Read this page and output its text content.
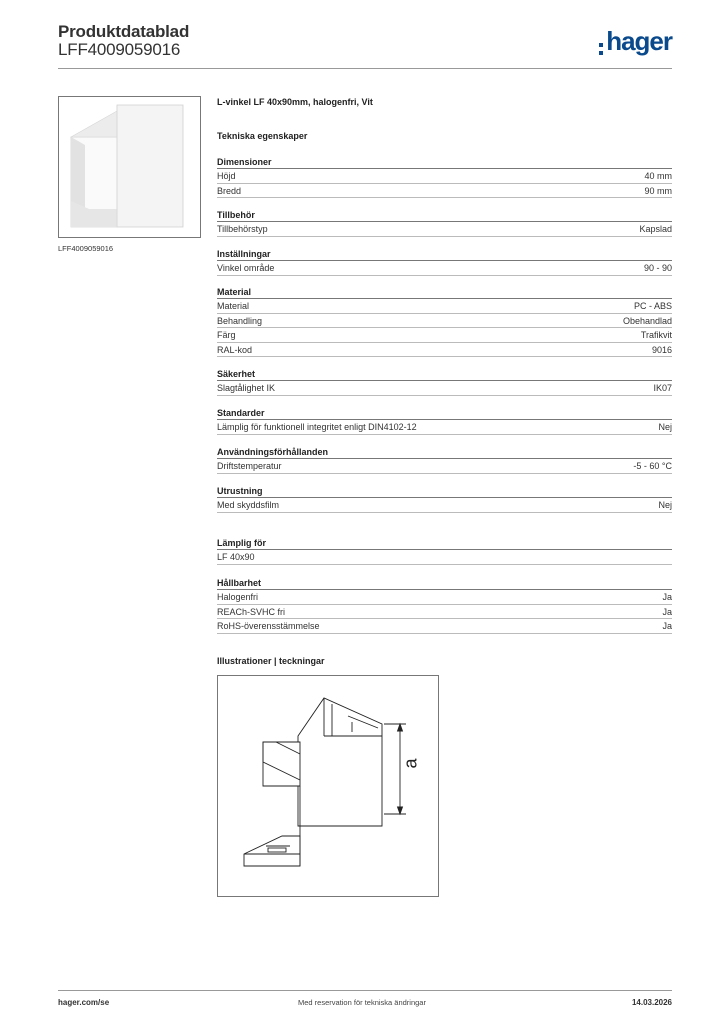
Produktdatablad
LFF4009059016	hager
LFF4009059016
L-vinkel LF 40x90mm, halogenfri, Vit
Tekniska egenskaper
Dimensioner
Höjd	40 mm
Bredd	90 mm
Tillbehör
Tillbehörstyp	Kapslad
Inställningar
Vinkel område	90 - 90
Material
Material	PC - ABS
Behandling	Obehandlad
Färg	Trafikvit
RAL-kod	9016
Säkerhet
Slagtålighet IK	IK07
Standarder
Lämplig för funktionell integritet enligt DIN4102-12	Nej
Användningsförhållanden
Driftstemperatur	-5 - 60 °C
Utrustning
Med skyddsfilm	Nej
Lämplig för
LF 40x90
Hållbarhet
Halogenfri	Ja
REACh-SVHC fri	Ja
RoHS-överensstämmelse	Ja
Illustrationer | teckningar
a
hager.com/se	Med reservation för tekniska ändringar	14.03.2026
